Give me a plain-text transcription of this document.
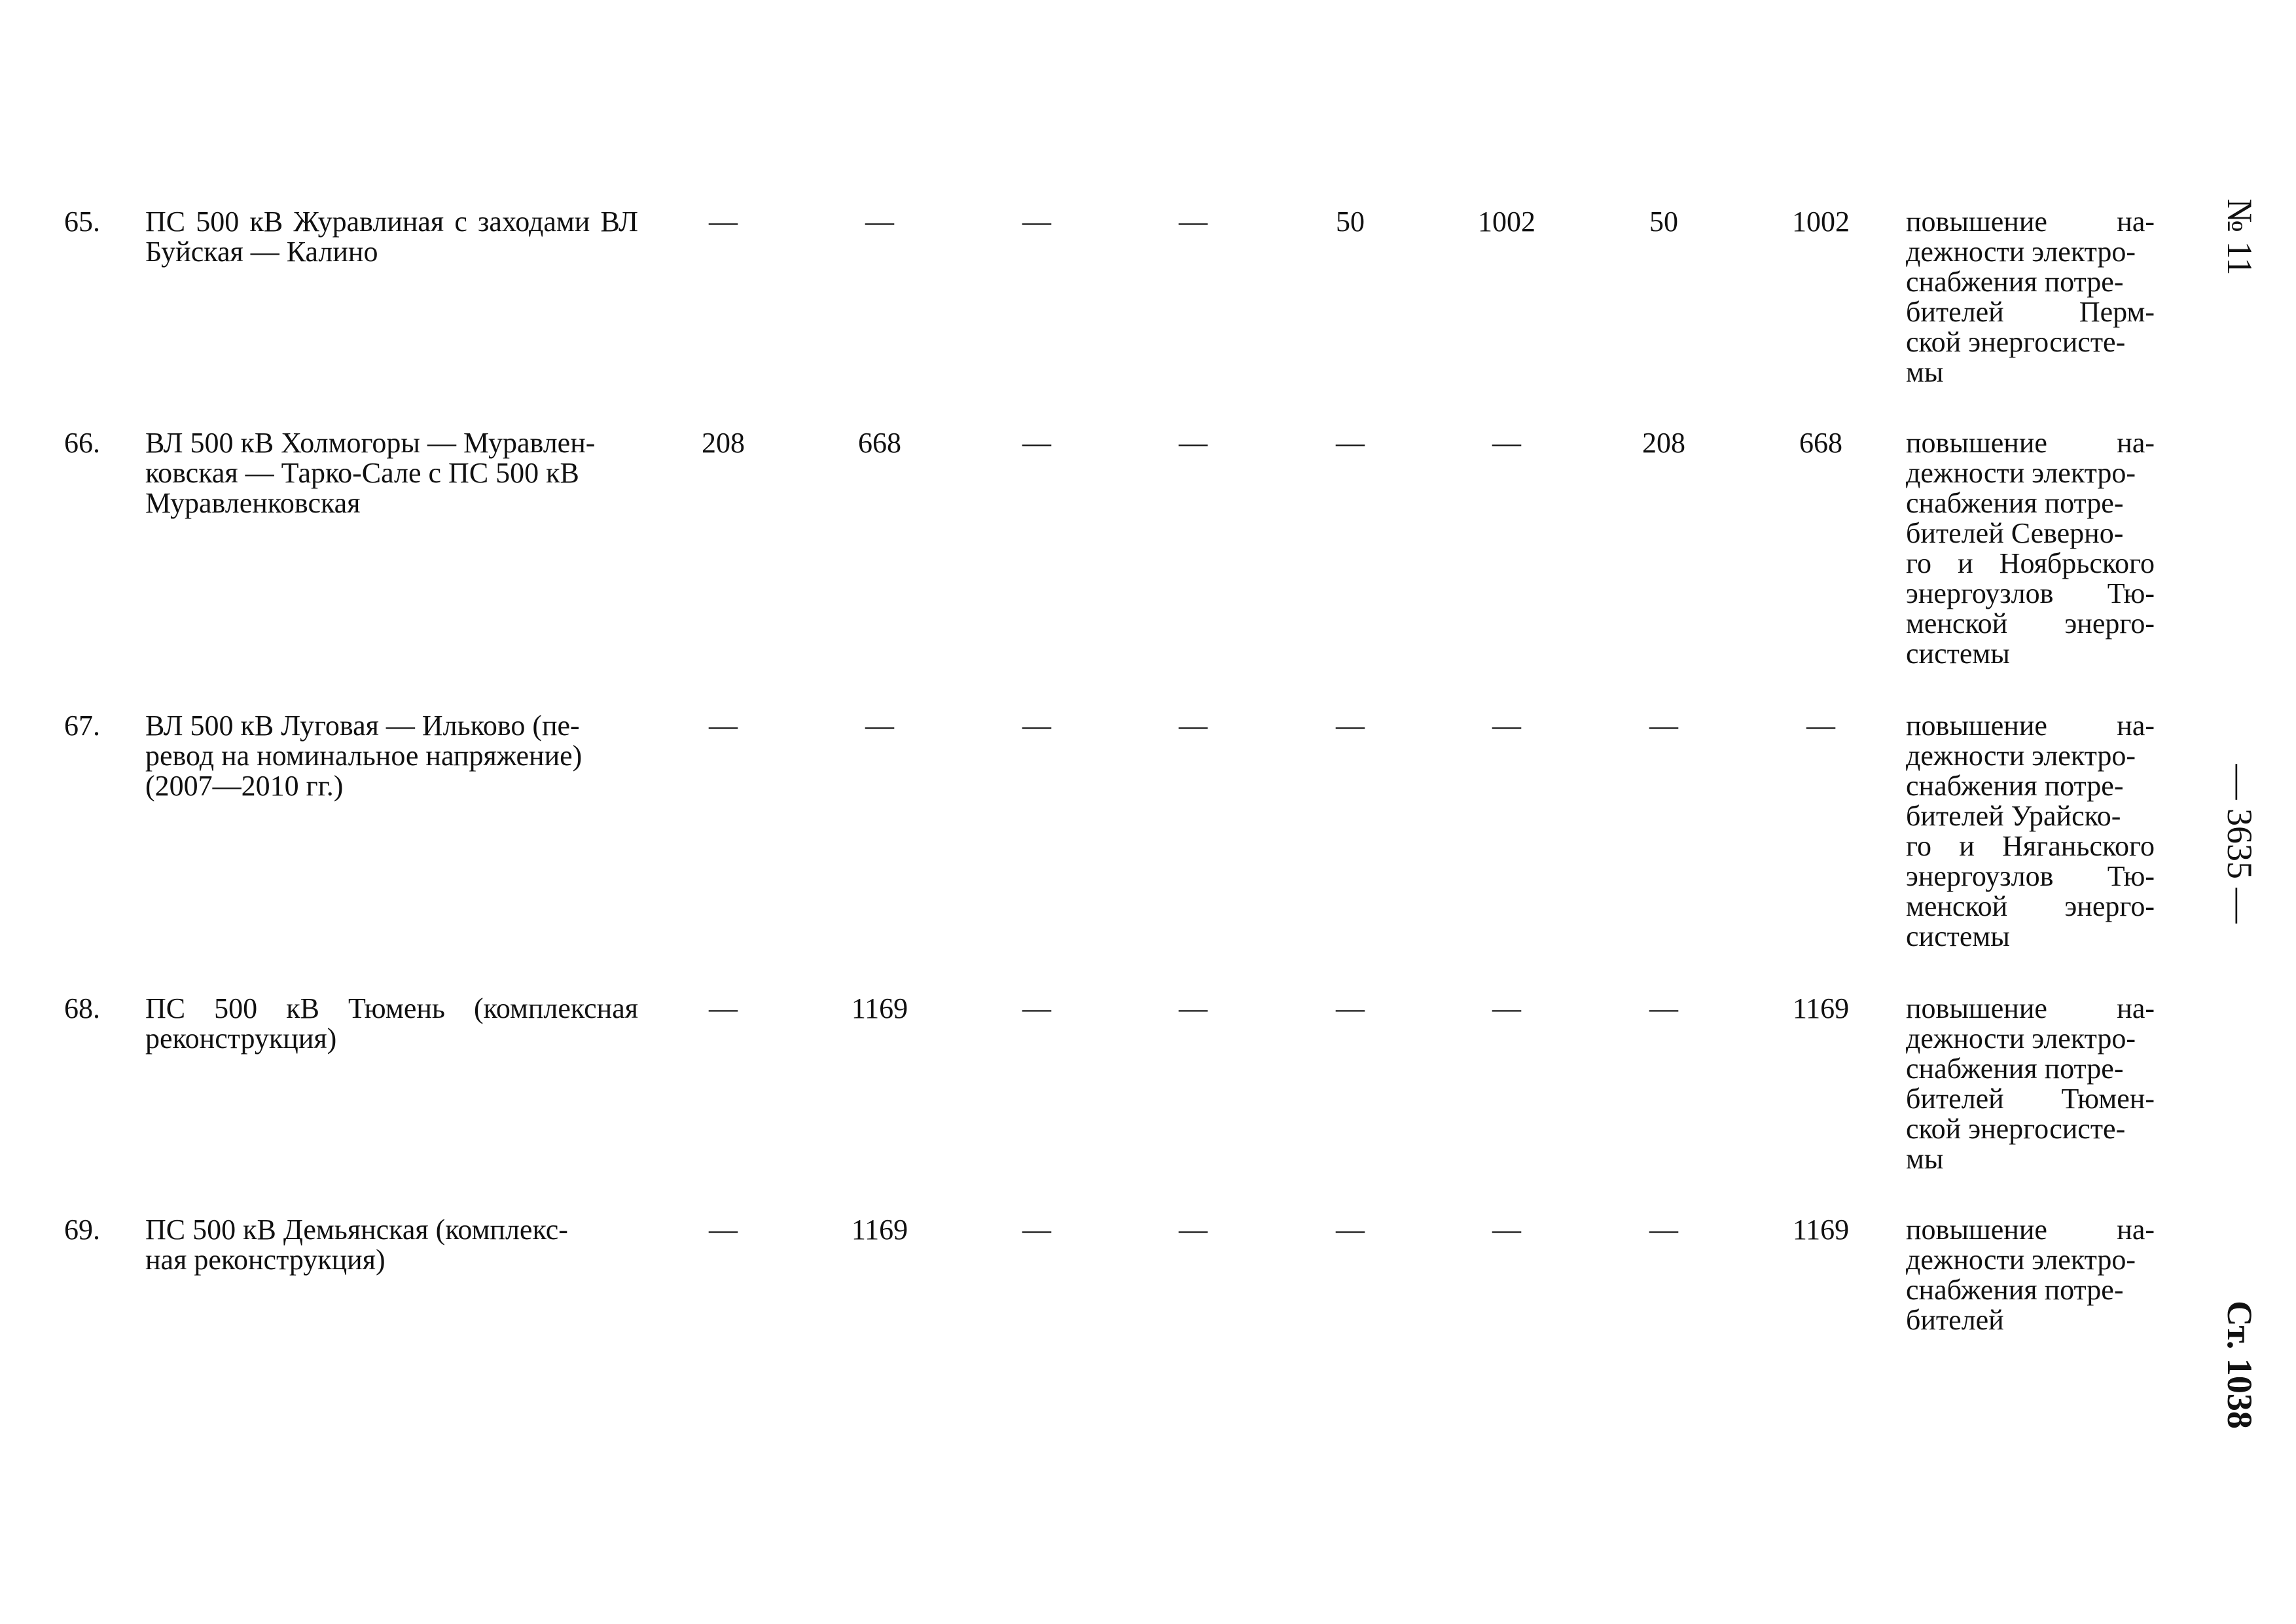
65. ПС 500 кВ Журавлиная с заходами ВЛ Буйская — Калино
—	—	—	—	50	1002	50	1002	повышение на-
дежности электро-
снабжения потре-
бителей	Перм-
ской энергосисте-
мы
66. ВЛ 500 кВ Холмогоры — Муравлен-
ковская — Тарко-Сале с ПС 500 кВ
Муравленковская
208	668	—	—	—	—	208	668	повышение на-
дежности электро-
снабжения потре-
бителей Северно-
го и Ноябрьского
энергоузлов Тю-
менской энерго-
системы
67. ВЛ 500 кВ Луговая — Ильково (пе-
ревод на номинальное напряжение)
(2007—2010 гг.)
—	—	—	—	—	—	—	—	повышение на-
дежности электро-
снабжения потре-
бителей Урайско-
го и Няганьского
энергоузлов Тю-
менской энерго-
системы
68. ПС 500 кВ Тюмень (комплексная реконструкция)
—	1169	—	—	—	—	—	1169	повышение на-
дежности электро-
снабжения потре-
бителей Тюмен-
ской энергосисте-
мы
69. ПС 500 кВ Демьянская (комплекс-
ная реконструкция)
—	1169	—	—	—	—	—	1169	повышение на-
дежности электро-
снабжения потре-
бителей
№ 11
— 3635 —
Ст. 1038
